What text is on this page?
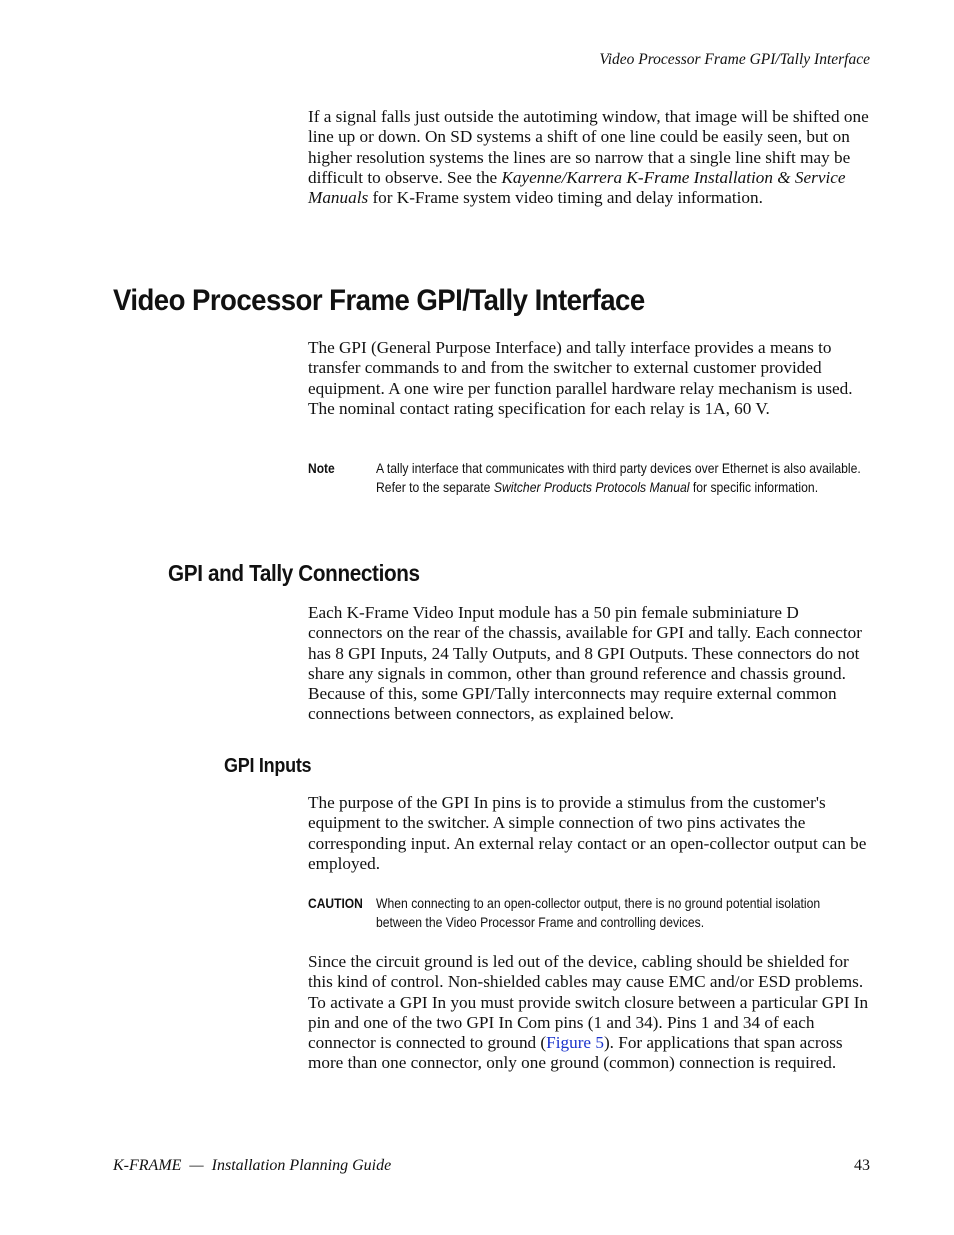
Video Processor Frame GPI/Tally Interface
If a signal falls just outside the autotiming window, that image will be shifted one line up or down. On SD systems a shift of one line could be easily seen, but on higher resolution systems the lines are so narrow that a single line shift may be difficult to observe. See the Kayenne/Karrera K-Frame Installation & Service Manuals for K-Frame system video timing and delay information.
Video Processor Frame GPI/Tally Interface
The GPI (General Purpose Interface) and tally interface provides a means to transfer commands to and from the switcher to external customer provided equipment. A one wire per function parallel hardware relay mechanism is used. The nominal contact rating specification for each relay is 1A, 60 V.
Note	A tally interface that communicates with third party devices over Ethernet is also available. Refer to the separate Switcher Products Protocols Manual for specific information.
GPI and Tally Connections
Each K-Frame Video Input module has a 50 pin female subminiature D connectors on the rear of the chassis, available for GPI and tally. Each connector has 8 GPI Inputs, 24 Tally Outputs, and 8 GPI Outputs. These connectors do not share any signals in common, other than ground reference and chassis ground. Because of this, some GPI/Tally interconnects may require external common connections between connectors, as explained below.
GPI Inputs
The purpose of the GPI In pins is to provide a stimulus from the customer's equipment to the switcher. A simple connection of two pins activates the corresponding input. An external relay contact or an open-collector output can be employed.
CAUTION When connecting to an open-collector output, there is no ground potential isolation between the Video Processor Frame and controlling devices.
Since the circuit ground is led out of the device, cabling should be shielded for this kind of control. Non-shielded cables may cause EMC and/or ESD problems. To activate a GPI In you must provide switch closure between a particular GPI In pin and one of the two GPI In Com pins (1 and 34). Pins 1 and 34 of each connector is connected to ground (Figure 5). For applications that span across more than one connector, only one ground (common) connection is required.
K-FRAME  —  Installation Planning Guide	43
